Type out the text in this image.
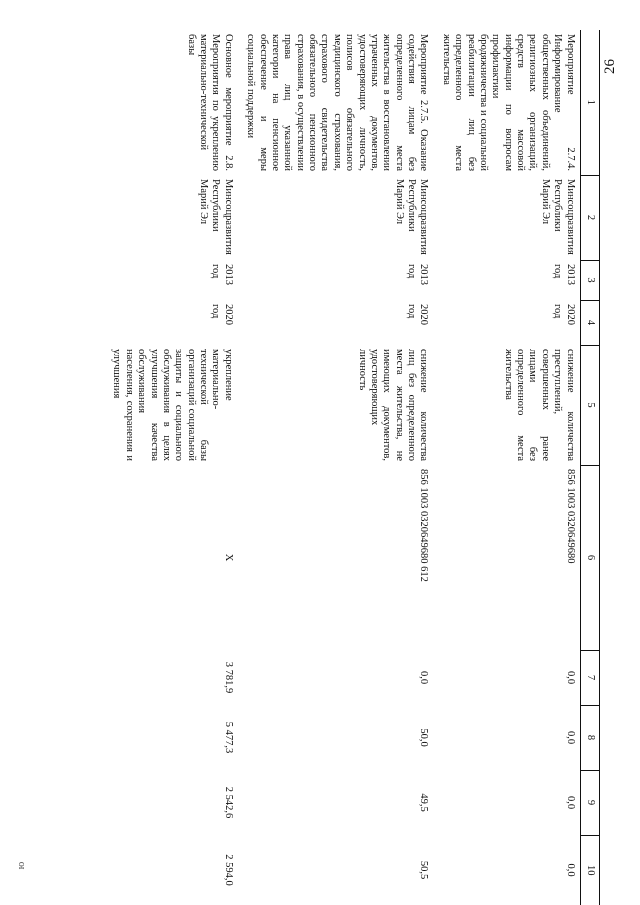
26
ю
1	2	3	4	5	6	7	8	9	10
Мероприятие 2.7.4. Информирование общественных объединений, религиозных организаций, средств массовой информации по вопросам профилактики бродяжничества и социальной реабилитации лиц без определенного места жительства	Минсоцразвития Республики Марий Эл	2013 год	2020 год	снижение количества преступлений, совершенных ранее лицами без определенного места жительства	856 1003 0320649680	0,0	0,0	0,0	0,0
Мероприятие 2.7.5. Оказание содействия лицам без определенного места жительства в восстановлении утраченных документов, удостоверяющих личность, полисов обязательного медицинского страхования, страхового свидетельства обязательного пенсионного страхования, в осуществлении права лиц указанной категории на пенсионное обеспечение и меры социальной поддержки	Минсоцразвития Республики Марий Эл	2013 год	2020 год	снижение количества лиц без определенного места жительства, не имеющих документов, удостоверяющих личность	856 1003 0320649680 612	0,0	50,0	49,5	50,5
Основное мероприятие 2.8. Мероприятия по укреплению материально-технической базы	Минсоцразвития Республики Марий Эл	2013 год	2020 год	укрепление материально-технической базы организаций социальной защиты и социального обслуживания в целях улучшения качества обслуживания населения, сохранения и улучшения	X	3 781,9	5 477,3	2 542,6	2 594,0
